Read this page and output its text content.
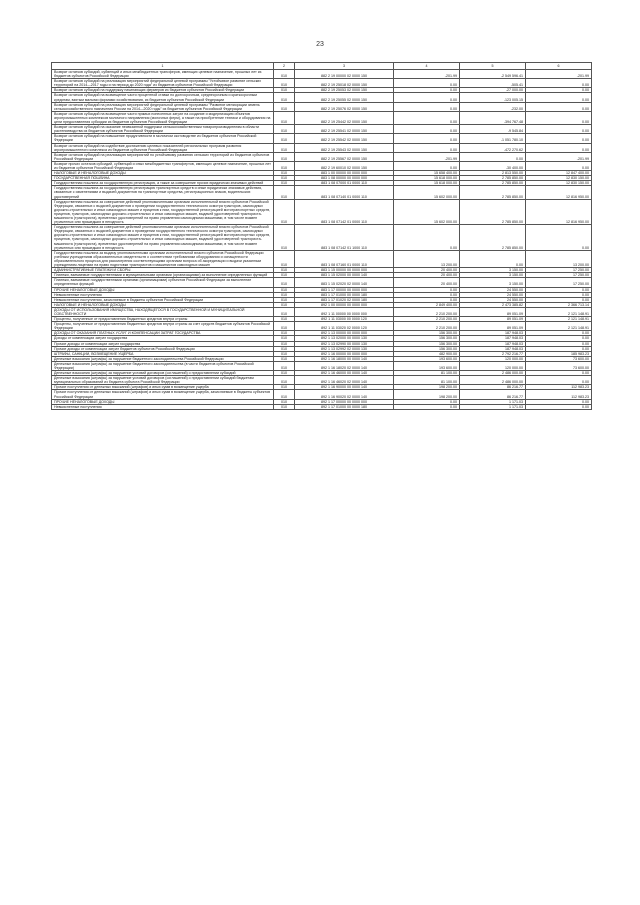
23
1	2	3	4	5	6
Возврат остатков субсидий, субвенций и иных межбюджетных трансферов, имеющих целевое назначение, прошлых лет из бюджетов субъектов Российской Федерации	010	882 2 19 00000 02 0000 150	-201.99	-2 549 596.41	-201.99
Возврат остатков субсидий на реализацию мероприятий федеральной целевой программы "Устойчивое развитие сельских территорий на 2014—2017 годы и на период до 2020 года" из бюджетов субъектов Российской Федерации	010	882 2 19 25018 02 0000 150	0.00	-505.41	0.00
Возврат остатков субсидий на поддержку начинающих фермеров из бюджетов субъектов Российской Федерации	010	882 2 19 25053 02 0000 150	0.00	-27 000.00	0.00
Возврат остатков субсидий на возмещение части процентной ставки по долгосрочным, среднесрочным и краткосрочным кредитам, взятым малыми формами хозяйствования, из бюджетов субъектов Российской Федерации	010	882 2 19 25055 02 0000 150	0.00	-123 005.15	0.00
Возврат остатков субсидий на реализацию мероприятий федеральной целевой программы "Развитие мелиорации земель сельскохозяйственного назначения России на 2014—2020 годы" из бюджетов субъектов Российской Федерации	010	882 2 19 25076 02 0000 150	0.00	-232.00	0.00
Возврат остатков субсидий на возмещение части прямых понесенных затрат на создание и модернизацию объектов агропромышленных комплексов молочного направления (молочных ферм), а также на приобретение техники и оборудования на цели предоставления субсидии из бюджетов субъектов Российской Федерации	010	882 2 19 25442 02 0000 150	0.00	-394 767.48	0.00
Возврат остатков субсидий на оказание несвязанной поддержки сельскохозяйственным товаропроизводителям в области растениеводства из бюджетов субъектов Российской Федерации	010	882 2 19 25541 02 0000 150	0.00	-9 545.84	0.00
Возврат остатков субсидий на повышение продуктивности в молочном скотоводстве из бюджетов субъектов Российской Федерации	010	882 2 19 25542 02 0000 150	0.00	-1 051 780.10	0.00
Возврат остатков субсидий на содействие достижению целевых показателей региональных программ развития агропромышленного комплекса из бюджетов субъектов Российской Федерации	010	882 2 19 25543 02 0000 150	0.00	-472 270.62	0.00
Возврат остатков субсидий на реализацию мероприятий по устойчивому развитию сельских территорий из бюджетов субъектов Российской Федерации	010	882 2 19 25567 02 0000 150	-201.99	0.00	-201.99
Возврат прочих остатков субсидий, субвенций и иных межбюджетных трансфертов, имеющих целевое назначение, прошлых лет из бюджетов субъектов Российской Федерации	010	882 2 19 60010 02 0000 150	0.00	-30 400.00	0.00
НАЛОГОВЫЕ И НЕНАЛОГОВЫЕ ДОХОДЫ	010	883 1 00 00000 00 0000 000	15 658 400.00	2 813 550.00	12 847 400.00
ГОСУДАРСТВЕННАЯ ПОШЛИНА	010	883 1 08 00000 00 0000 000	15 618 000.00	2 785 850.00	12 830 150.00
Государственная пошлина за государственную регистрацию, а также за совершение прочих юридически значимых действий	010	883 1 08 07000 01 0000 110	15 618 000.00	2 785 850.00	12 830 150.00
Государственная пошлина за государственную регистрацию транспортных средств и иные юридически значимые действия, связанные с изменениями и выдачей документов на транспортные средства, регистрационных знаков, водительских удостоверений	010	883 1 08 07140 01 0000 110	15 602 000.00	2 785 850.00	12 816 950.00
Государственная пошлина за совершение действий уполномоченными органами исполнительной власти субъектов Российской Федерации, связанных с выдачей документов о проведении государственного технического осмотра тракторов, самоходных дорожно-строительных и иных самоходных машин и прицепов к ним, государственной регистрацией мототранспортных средств, прицепов, тракторов, самоходных дорожно-строительных и иных самоходных машин, выдачей удостоверений тракториста-машиниста (тракториста), временных удостоверений на право управления самоходными машинами, в том числе взамен утраченных или пришедших в негодность	010	883 1 08 07142 01 0000 110	15 602 000.00	2 785 850.00	12 816 950.00
Государственная пошлина за совершение действий уполномоченными органами исполнительной власти субъектов Российской Федерации, связанных с выдачей документов о проведении государственного технического осмотра тракторов, самоходных дорожно-строительных и иных самоходных машин и прицепов к ним, государственной регистрацией мототранспортных средств, прицепов, тракторов, самоходных дорожно-строительных и иных самоходных машин, выдачей удостоверений тракториста-машиниста (тракториста), временных удостоверений на право управления самоходными машинами, в том числе взамен утраченных или пришедших в негодность	010	883 1 08 07142 01 1000 110	0.00	2 785 850.00	0.00
Государственная пошлина за выдачу уполномоченными органами исполнительной власти субъектов Российской Федерации учебным учреждениям образовательных свидетельств о соответствии требованиям оборудования и оснащенности образовательного процесса для рассмотрения соответствующими органами вопроса об аккредитации и выдачи указанным учреждениям лицензии на право подготовки трактористов и машинистов самоходных машин	010	883 1 08 07160 01 0000 110	13 200.00	0.00	13 200.00
АДМИНИСТРАТИВНЫЕ ПЛАТЕЖИ И СБОРЫ	010	883 1 15 00000 00 0000 000	20 400.00	3 150.00	17 250.00
Платежи, взимаемые государственными и муниципальными органами (организациями) за выполнение определенных функций	010	883 1 15 02000 00 0000 140	20 400.00	3 150.00	17 250.00
Платежи, взимаемые государственными органами (организациями) субъектов Российской Федерации за выполнение определенных функций	010	883 1 15 02020 02 0000 140	20 400.00	3 150.00	17 250.00
ПРОЧИЕ НЕНАЛОГОВЫЕ ДОХОДЫ	010	883 1 17 00000 00 0000 000	0.00	24 550.00	0.00
Невыясненные поступления	010	883 1 17 01000 00 0000 180	0.00	24 550.00	0.00
Невыясненные поступления, зачисляемые в бюджеты субъектов Российской Федерации	010	883 1 17 01020 02 0000 180	0.00	24 550.00	0.00
НАЛОГОВЫЕ И НЕНАЛОГОВЫЕ ДОХОДЫ	010	892 1 00 00000 00 0000 000	2 849 400.00	2 473 385.82	2 366 713.14
ДОХОДЫ ОТ ИСПОЛЬЗОВАНИЯ ИМУЩЕСТВА, НАХОДЯЩЕГОСЯ В ГОСУДАРСТВЕННОЙ И МУНИЦИПАЛЬНОЙ СОБСТВЕННОСТИ	010	892 1 11 00000 00 0000 000	2 210 200.00	89 051.09	2 121 148.91
Проценты, полученные от предоставления бюджетных кредитов внутри страны	010	892 1 11 03000 00 0000 120	2 210 200.00	89 051.09	2 121 148.91
Проценты, полученные от предоставления бюджетных кредитов внутри страны за счет средств бюджетов субъектов Российской Федерации	010	892 1 11 03020 02 0000 120	2 210 200.00	89 051.09	2 121 148.91
ДОХОДЫ ОТ ОКАЗАНИЯ ПЛАТНЫХ УСЛУГ И КОМПЕНСАЦИИ ЗАТРАТ ГОСУДАРСТВА	010	892 1 13 00000 00 0000 000	156 300.00	187 948.03	0.00
Доходы от компенсации затрат государства	010	892 1 13 02000 00 0000 130	156 300.00	187 948.03	0.00
Прочие доходы от компенсации затрат государства	010	892 1 13 02990 00 0000 130	156 300.00	187 948.03	0.00
Прочие доходы от компенсации затрат бюджетов субъектов Российской Федерации	010	892 1 13 02992 02 0000 130	156 300.00	187 948.03	0.00
ШТРАФЫ, САНКЦИИ, ВОЗМЕЩЕНИЕ УЩЕРБА	010	892 1 16 00000 00 0000 000	482 900.00	2 792 216.77	185 983.23
Денежные взыскания (штрафы) за нарушение бюджетного законодательства Российской Федерации	010	892 1 16 18000 00 0000 140	193 600.00	120 000.00	73 600.00
Денежные взыскания (штрафы) за нарушение бюджетного законодательства (в части бюджетов субъектов Российской Федерации)	010	892 1 16 18020 02 0000 140	193 600.00	120 000.00	73 600.00
Денежные взыскания (штрафы) за нарушение условий договоров (соглашений) о предоставлении субсидий	010	892 1 16 46000 00 0000 140	81 100.00	2 486 000.00	0.00
Денежные взыскания (штрафы) за нарушение условий договоров (соглашений) о предоставлении субсидий бюджетам муниципальных образований из бюджета субъекта Российской Федерации	010	892 1 16 46020 02 0000 140	81 100.00	2 486 000.00	0.00
Прочие поступления от денежных взысканий (штрафов) и иных сумм в возмещение ущерба	010	892 1 16 90000 00 0000 140	198 200.00	86 216.77	112 983.23
Прочие поступления от денежных взысканий (штрафов) и иных сумм в возмещение ущерба, зачисляемые в бюджеты субъектов Российской Федерации	010	892 1 16 90020 02 0000 140	198 200.00	86 216.77	112 983.23
ПРОЧИЕ НЕНАЛОГОВЫЕ ДОХОДЫ	010	892 1 17 00000 00 0000 000	0.00	1 171.03	0.00
Невыясненные поступления	010	892 1 17 01000 00 0000 180	0.00	1 171.03	0.00
